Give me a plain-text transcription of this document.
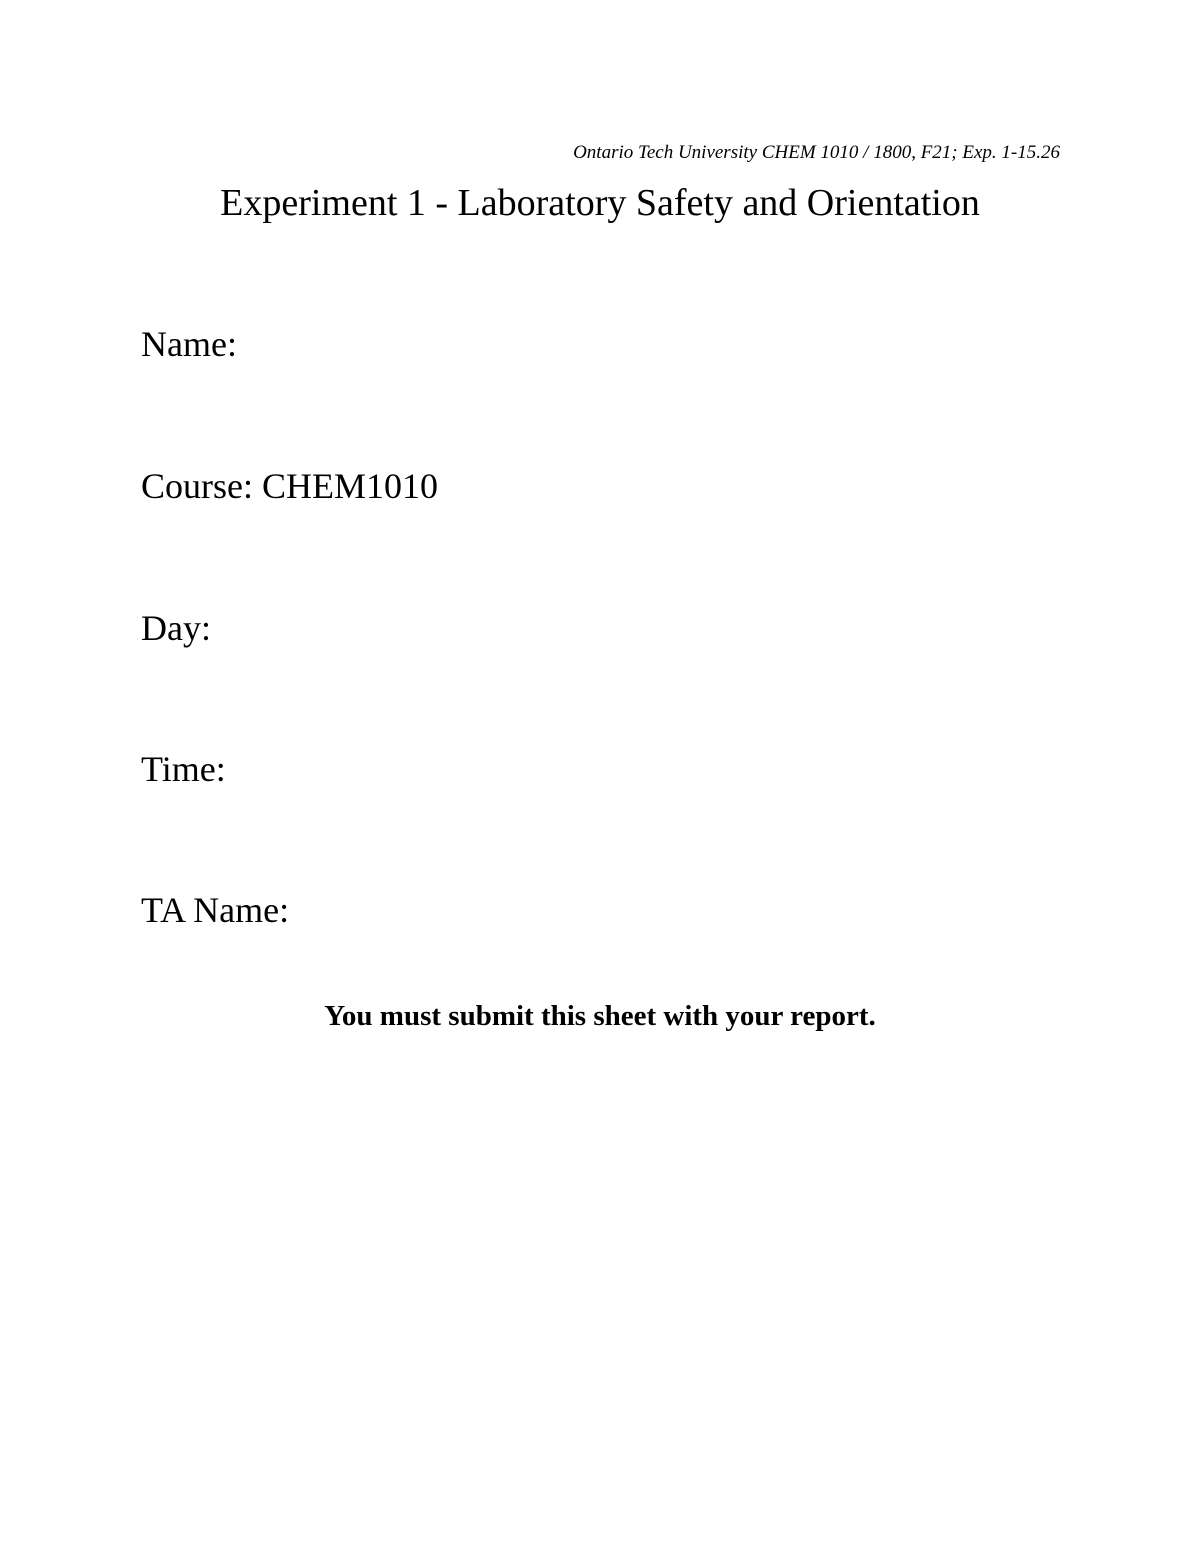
Ontario Tech University CHEM 1010 / 1800, F21; Exp. 1-15.26
Experiment 1 - Laboratory Safety and Orientation
Name:
Course: CHEM1010
Day:
Time:
TA Name:
You must submit this sheet with your report.
